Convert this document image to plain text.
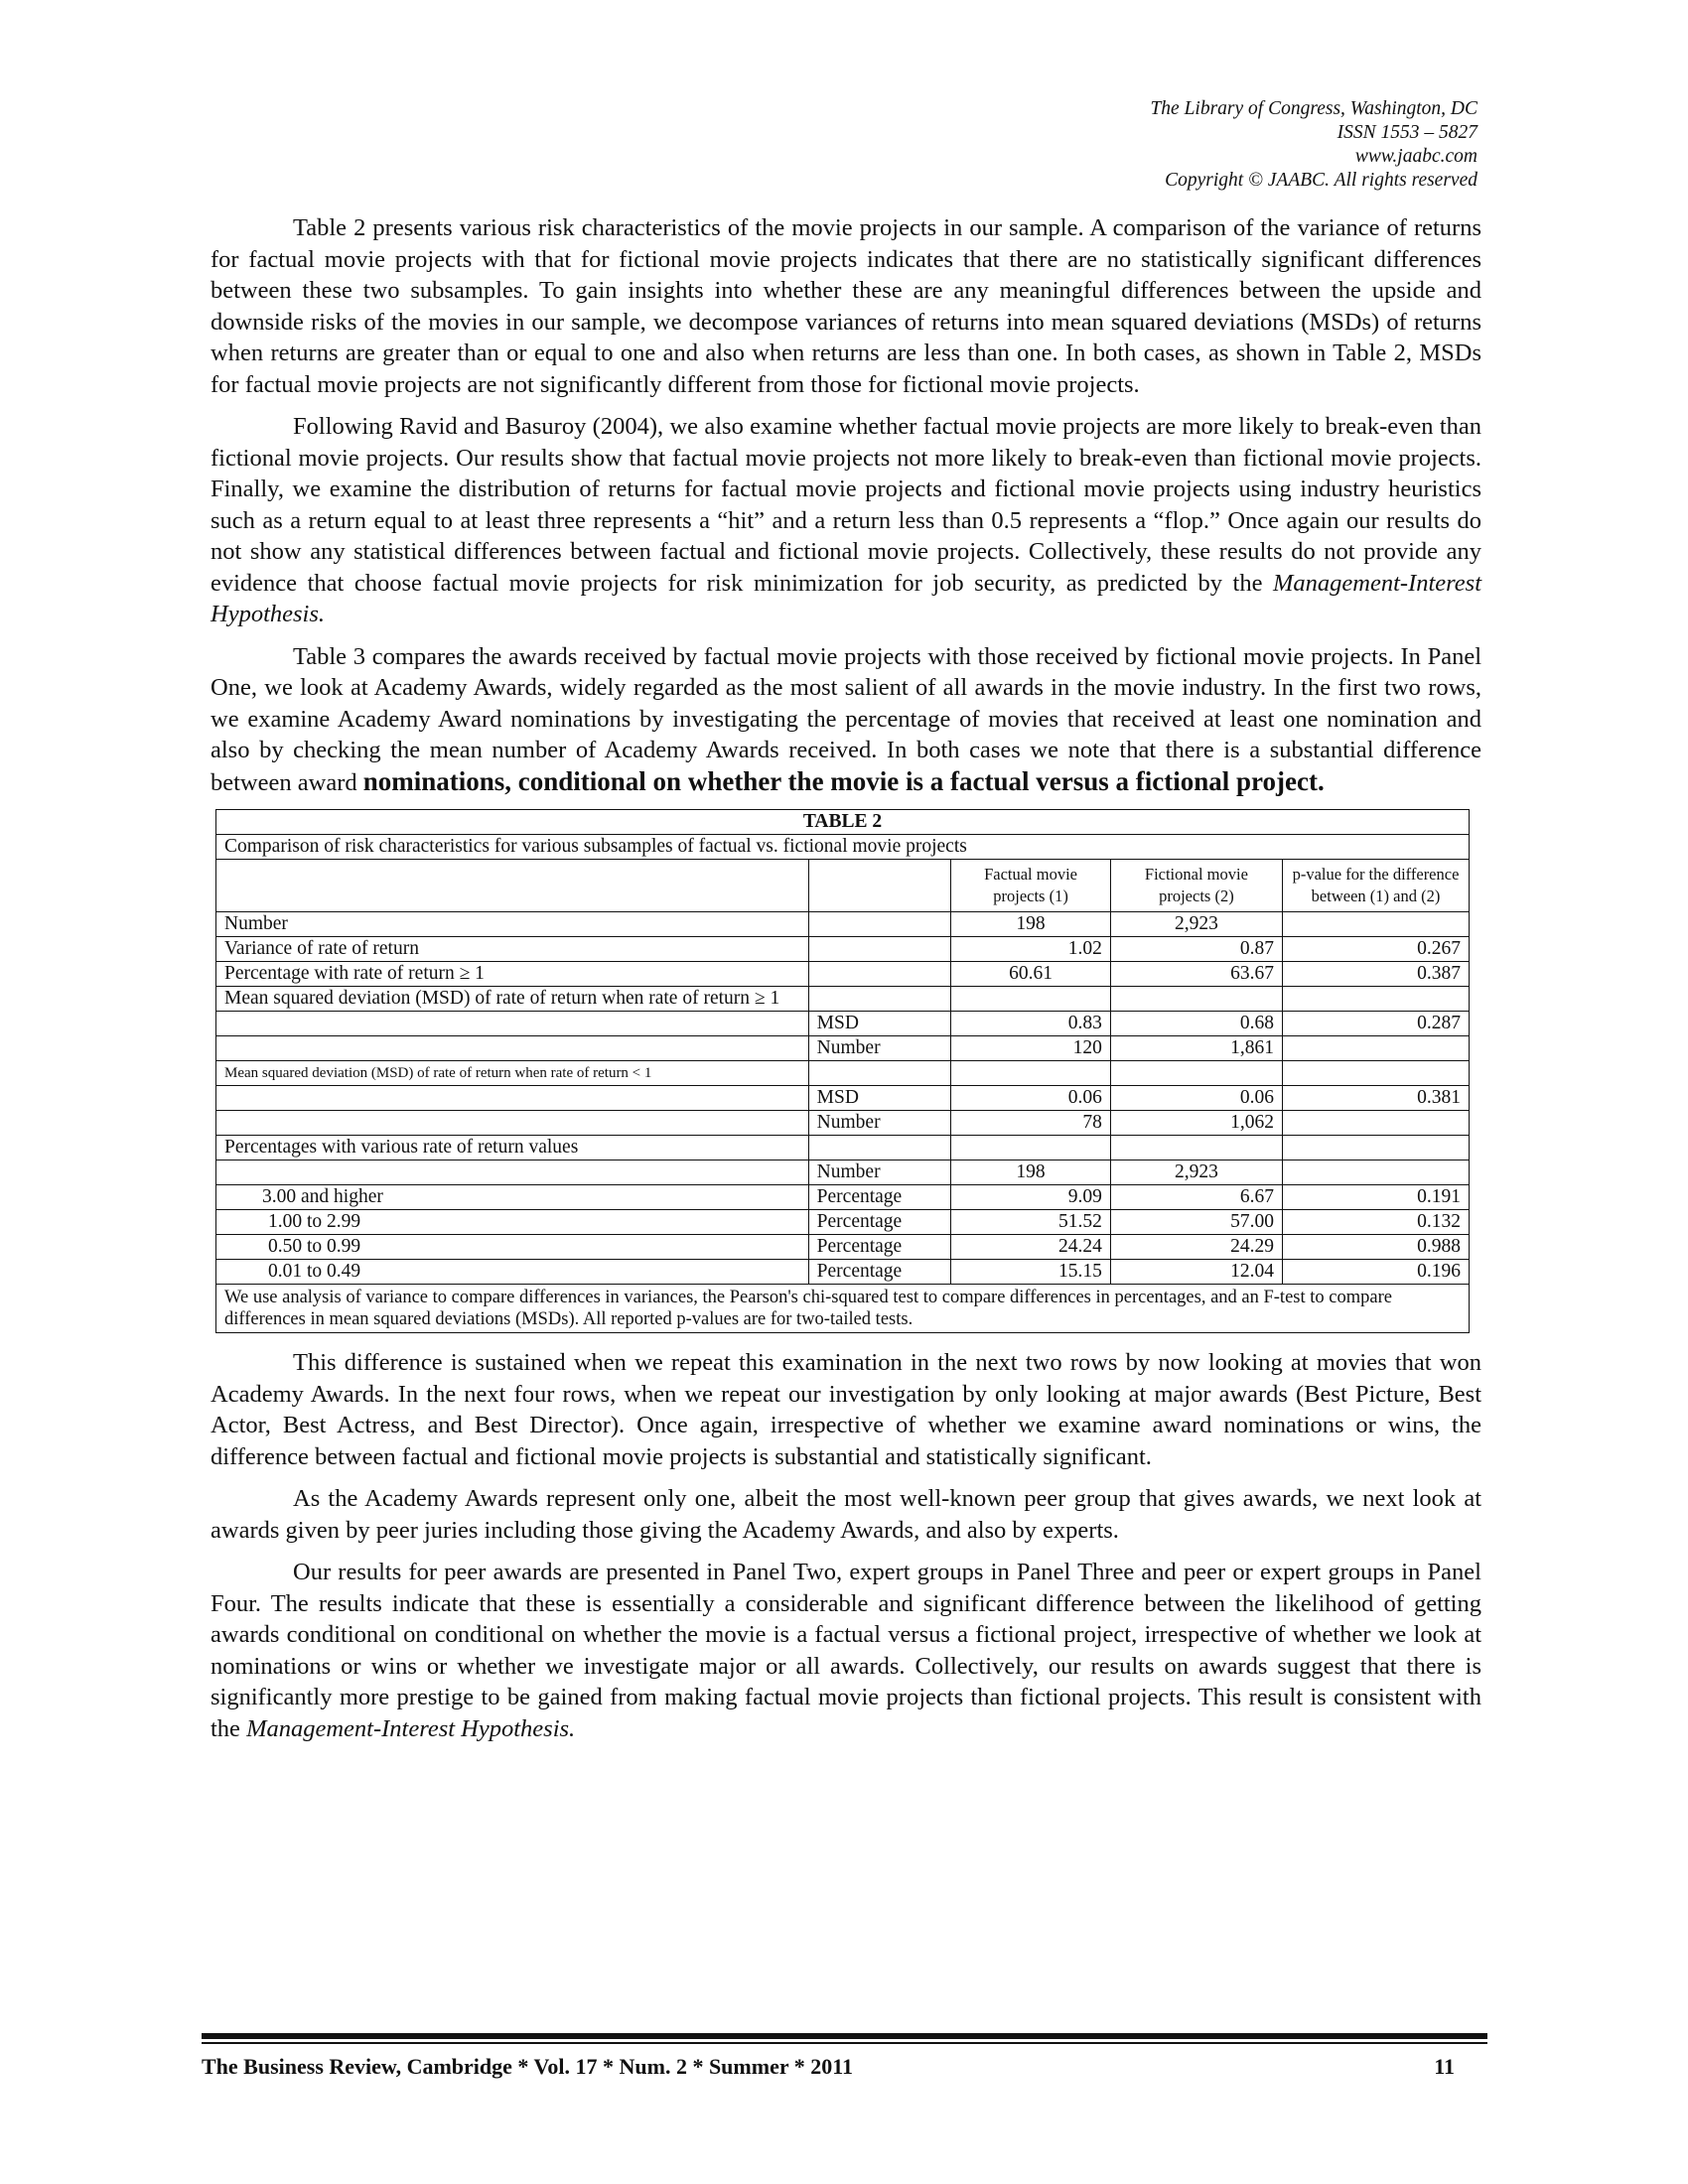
The Library of Congress, Washington, DC
ISSN 1553 – 5827
www.jaabc.com
Copyright © JAABC. All rights reserved

Table 2 presents various risk characteristics of the movie projects in our sample. A comparison of the variance of returns for factual movie projects with that for fictional movie projects indicates that there are no statistically significant differences between these two subsamples. To gain insights into whether these are any meaningful differences between the upside and downside risks of the movies in our sample, we decompose variances of returns into mean squared deviations (MSDs) of returns when returns are greater than or equal to one and also when returns are less than one. In both cases, as shown in Table 2, MSDs for factual movie projects are not significantly different from those for fictional movie projects.

Following Ravid and Basuroy (2004), we also examine whether factual movie projects are more likely to break-even than fictional movie projects. Our results show that factual movie projects not more likely to break-even than fictional movie projects. Finally, we examine the distribution of returns for factual movie projects and fictional movie projects using industry heuristics such as a return equal to at least three represents a “hit” and a return less than 0.5 represents a “flop.” Once again our results do not show any statistical differences between factual and fictional movie projects. Collectively, these results do not provide any evidence that choose factual movie projects for risk minimization for job security, as predicted by the Management-Interest Hypothesis.

Table 3 compares the awards received by factual movie projects with those received by fictional movie projects. In Panel One, we look at Academy Awards, widely regarded as the most salient of all awards in the movie industry. In the first two rows, we examine Academy Award nominations by investigating the percentage of movies that received at least one nomination and also by checking the mean number of Academy Awards received. In both cases we note that there is a substantial difference between award nominations, conditional on whether the movie is a factual versus a fictional project.

TABLE 2				
Comparison of risk characteristics for various subsamples of factual vs. fictional movie projects				
		Factual movie projects (1)	Fictional movie projects (2)	p-value for the difference between (1) and (2)
Number		198	2,923	
Variance of rate of return		1.02	0.87	0.267
Percentage with rate of return ≥ 1		60.61	63.67	0.387
Mean squared deviation (MSD) of rate of return when rate of return ≥ 1				
	MSD	0.83	0.68	0.287
	Number	120	1,861	
Mean squared deviation (MSD) of rate of return when rate of return < 1				
	MSD	0.06	0.06	0.381
	Number	78	1,062	
Percentages with various rate of return values				
	Number	198	2,923	
3.00 and higher	Percentage	9.09	6.67	0.191
1.00 to 2.99	Percentage	51.52	57.00	0.132
0.50 to 0.99	Percentage	24.24	24.29	0.988
0.01 to 0.49	Percentage	15.15	12.04	0.196
We use analysis of variance to compare differences in variances, the Pearson's chi-squared test to compare differences in percentages, and an F-test to compare differences in mean squared deviations (MSDs). All reported p-values are for two-tailed tests.				

This difference is sustained when we repeat this examination in the next two rows by now looking at movies that won Academy Awards. In the next four rows, when we repeat our investigation by only looking at major awards (Best Picture, Best Actor, Best Actress, and Best Director). Once again, irrespective of whether we examine award nominations or wins, the difference between factual and fictional movie projects is substantial and statistically significant.

As the Academy Awards represent only one, albeit the most well-known peer group that gives awards, we next look at awards given by peer juries including those giving the Academy Awards, and also by experts.

Our results for peer awards are presented in Panel Two, expert groups in Panel Three and peer or expert groups in Panel Four. The results indicate that these is essentially a considerable and significant difference between the likelihood of getting awards conditional on conditional on whether the movie is a factual versus a fictional project, irrespective of whether we look at nominations or wins or whether we investigate major or all awards. Collectively, our results on awards suggest that there is significantly more prestige to be gained from making factual movie projects than fictional projects. This result is consistent with the Management-Interest Hypothesis.

The Business Review, Cambridge * Vol. 17 * Num. 2 * Summer * 2011	11
